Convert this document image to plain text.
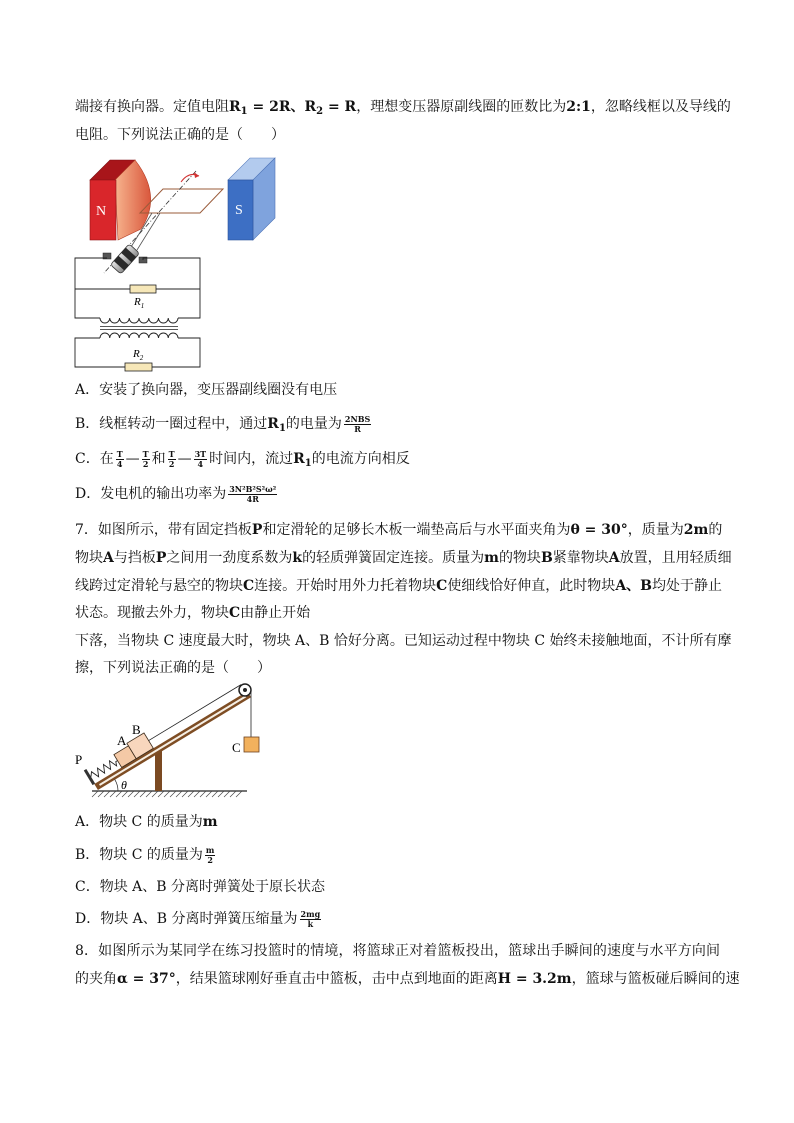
端接有换向器。定值电阻$R_1 = 2R$、$R_2 = R$，理想变压器原副线圈的匝数比为2:1，忽略线框以及导线的
电阻。下列说法正确的是（　　）
N	S
$R_1$
$R_2$
A．安装了换向器，变压器副线圈没有电压
B．线框转动一圈过程中，通过$R_1$的电量为 $\frac{\text{2NBS}}{R}$
C．在 $\frac{T}{4}$ — $\frac{T}{2}$ 和 $\frac{T}{2}$ — $\frac{3T}{4}$ 时间内，流过$R_1$的电流方向相反
D．发电机的输出功率为 $\frac{\text{3N²B²S²ω²}}{4R}$
7．如图所示，带有固定挡板P和定滑轮的足够长木板一端垫高后与水平面夹角为θ = 30°，质量为2m的
物块A与挡板P之间用一劲度系数为k的轻质弹簧固定连接。质量为m的物块B紧靠物块A放置，且用轻质细
线跨过定滑轮与悬空的物块C连接。开始时用外力托着物块C使细线恰好伸直，此时物块A、B均处于静止
状态。现撤去外力，物块C由静止开始
下落，当物块 C 速度最大时，物块 A、B 恰好分离。已知运动过程中物块 C 始终未接触地面，不计所有摩
擦，下列说法正确的是（　　）
P
A
B
C
θ
A．物块 C 的质量为m
B．物块 C 的质量为 $\frac{m}{2}$
C．物块 A、B 分离时弹簧处于原长状态
D．物块 A、B 分离时弹簧压缩量为 $\frac{2mg}{k}$
8．如图所示为某同学在练习投篮时的情境，将篮球正对着篮板投出，篮球出手瞬间的速度与水平方向间
的夹角α = 37°，结果篮球刚好垂直击中篮板，击中点到地面的距离H = 3.2m，篮球与篮板碰后瞬间的速
